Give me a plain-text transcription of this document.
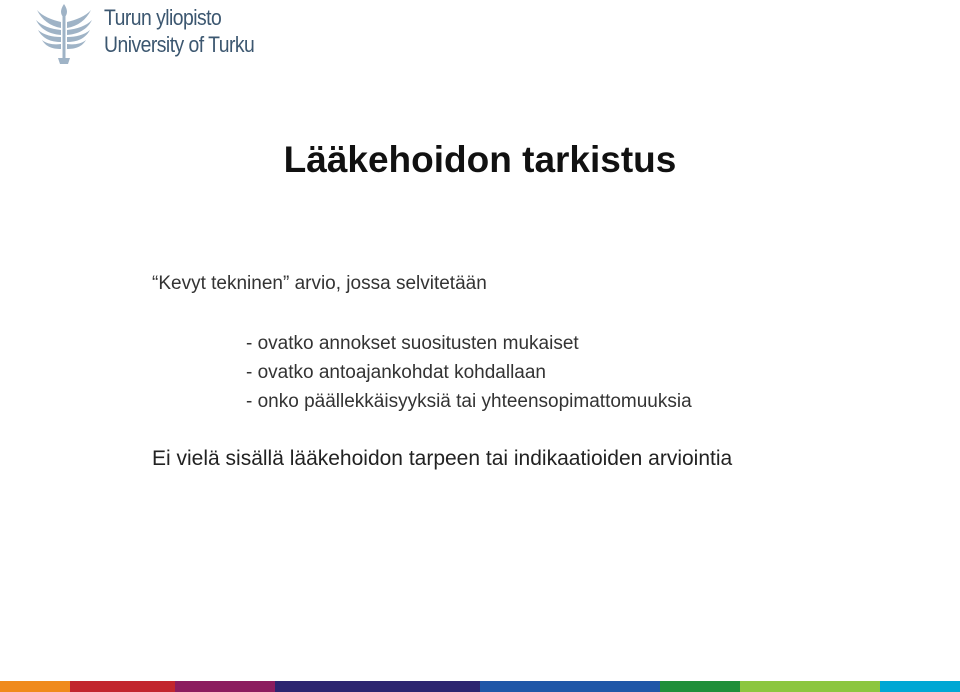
Turun yliopisto
University of Turku
Lääkehoidon tarkistus
“Kevyt tekninen” arvio, jossa selvitetään
- ovatko annokset suositusten mukaiset
- ovatko antoajankohdat kohdallaan
- onko päällekkäisyyksiä tai yhteensopimattomuuksia
Ei vielä sisällä lääkehoidon tarpeen tai indikaatioiden arviointia
